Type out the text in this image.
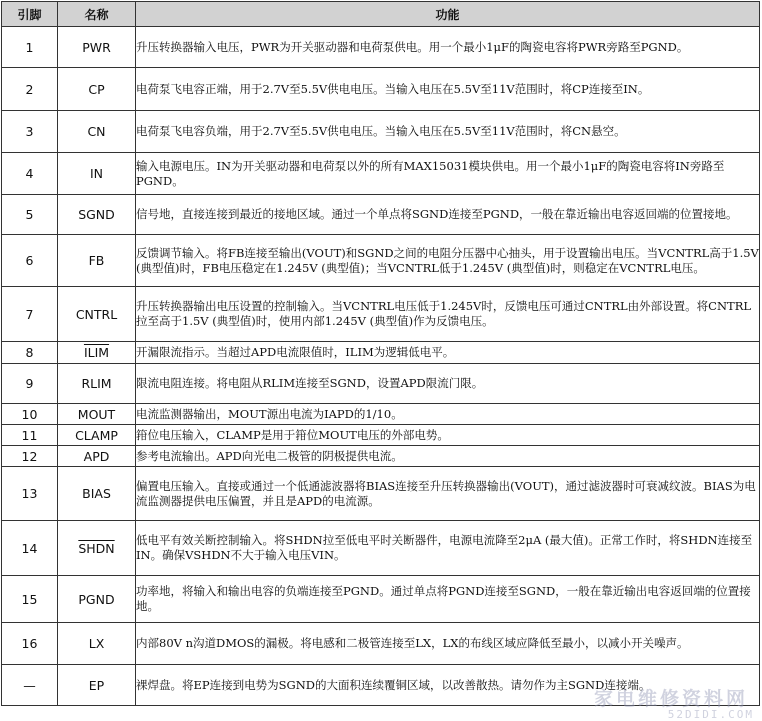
引脚	名称	功能
1	PWR	升压转换器输入电压，PWR为开关驱动器和电荷泵供电。用一个最小1μF的陶瓷电容将PWR旁路至PGND。
2	CP	电荷泵飞电容正端，用于2.7V至5.5V供电电压。当输入电压在5.5V至11V范围时，将CP连接至IN。
3	CN	电荷泵飞电容负端，用于2.7V至5.5V供电电压。当输入电压在5.5V至11V范围时，将CN悬空。
4	IN	输入电源电压。IN为开关驱动器和电荷泵以外的所有MAX15031模块供电。用一个最小1μF的陶瓷电容将IN旁路至PGND。
5	SGND	信号地，直接连接到最近的接地区域。通过一个单点将SGND连接至PGND，一般在靠近输出电容返回端的位置接地。
6	FB	反馈调节输入。将FB连接至输出(VOUT)和SGND之间的电阻分压器中心抽头，用于设置输出电压。当VCNTRL高于1.5V (典型值)时，FB电压稳定在1.245V (典型值)；当VCNTRL低于1.245V (典型值)时，则稳定在VCNTRL电压。
7	CNTRL	升压转换器输出电压设置的控制输入。当VCNTRL电压低于1.245V时，反馈电压可通过CNTRL由外部设置。将CNTRL拉至高于1.5V (典型值)时，使用内部1.245V (典型值)作为反馈电压。
8	ILIM	开漏限流指示。当超过APD电流限值时，ILIM为逻辑低电平。
9	RLIM	限流电阻连接。将电阻从RLIM连接至SGND，设置APD限流门限。
10	MOUT	电流监测器输出，MOUT源出电流为IAPD的1/10。
11	CLAMP	箝位电压输入，CLAMP是用于箝位MOUT电压的外部电势。
12	APD	参考电流输出。APD向光电二极管的阴极提供电流。
13	BIAS	偏置电压输入。直接或通过一个低通滤波器将BIAS连接至升压转换器输出(VOUT)，通过滤波器时可衰减纹波。BIAS为电流监测器提供电压偏置，并且是APD的电流源。
14	SHDN	低电平有效关断控制输入。将SHDN拉至低电平时关断器件，电源电流降至2μA (最大值)。正常工作时，将SHDN连接至IN。确保VSHDN不大于输入电压VIN。
15	PGND	功率地，将输入和输出电容的负端连接至PGND。通过单点将PGND连接至SGND，一般在靠近输出电容返回端的位置接地。
16	LX	内部80V n沟道DMOS的漏极。将电感和二极管连接至LX，LX的布线区域应降低至最小，以减小开关噪声。
—	EP	裸焊盘。将EP连接到电势为SGND的大面积连续覆铜区域，以改善散热。请勿作为主SGND连接端。
家电维修资料网
52DIDI.COM
